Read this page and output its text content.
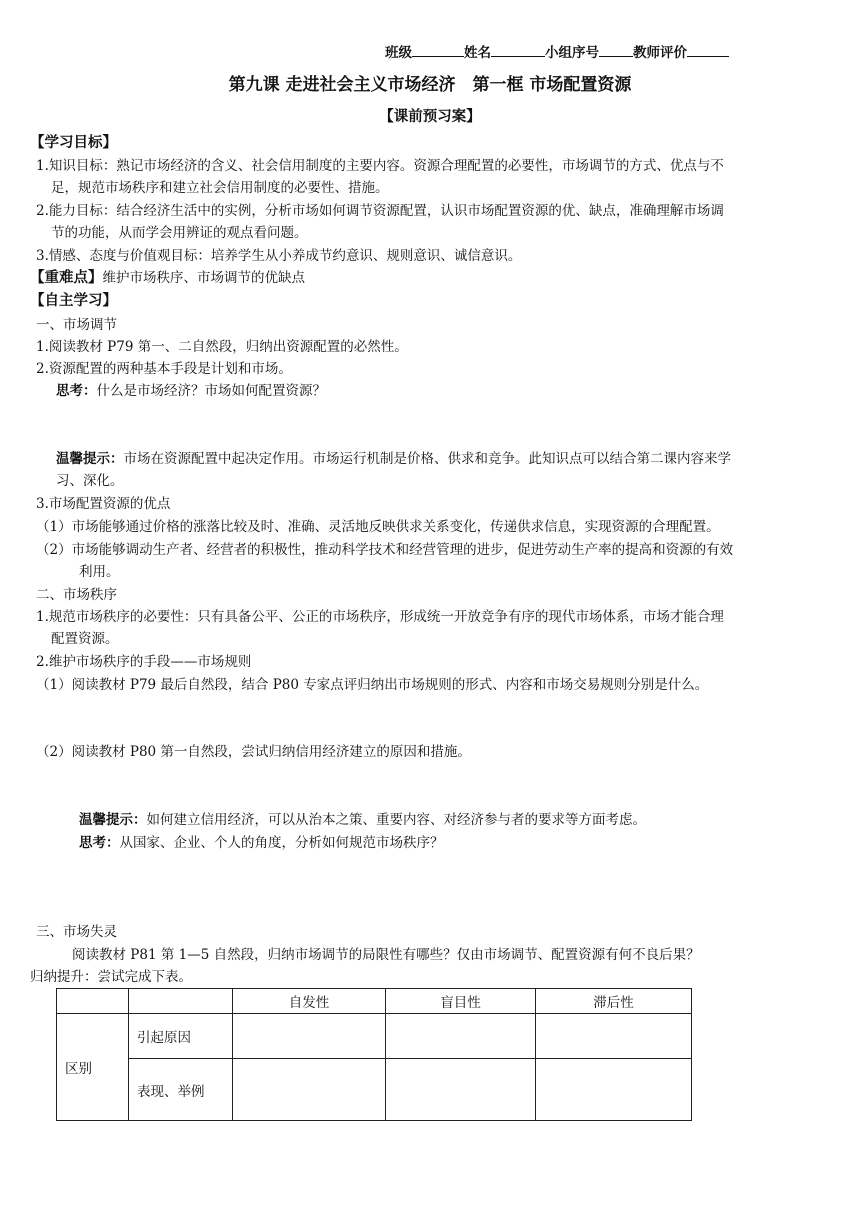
班级	姓名	小组序号	教师评价
第九课 走进社会主义市场经济　第一框 市场配置资源
【课前预习案】
【学习目标】
1.知识目标：熟记市场经济的含义、社会信用制度的主要内容。资源合理配置的必要性，市场调节的方式、优点与不
足，规范市场秩序和建立社会信用制度的必要性、措施。
2.能力目标：结合经济生活中的实例，分析市场如何调节资源配置，认识市场配置资源的优、缺点，准确理解市场调
节的功能，从而学会用辨证的观点看问题。
3.情感、态度与价值观目标：培养学生从小养成节约意识、规则意识、诚信意识。
【重难点】维护市场秩序、市场调节的优缺点
【自主学习】
一、市场调节
1.阅读教材 P79 第一、二自然段，归纳出资源配置的必然性。
2.资源配置的两种基本手段是计划和市场。
思考：什么是市场经济？市场如何配置资源？
温馨提示：市场在资源配置中起决定作用。市场运行机制是价格、供求和竞争。此知识点可以结合第二课内容来学
习、深化。
3.市场配置资源的优点
（1）市场能够通过价格的涨落比较及时、准确、灵活地反映供求关系变化，传递供求信息，实现资源的合理配置。
（2）市场能够调动生产者、经营者的积极性，推动科学技术和经营管理的进步，促进劳动生产率的提高和资源的有效
利用。
二、市场秩序
1.规范市场秩序的必要性：只有具备公平、公正的市场秩序，形成统一开放竞争有序的现代市场体系，市场才能合理
配置资源。
2.维护市场秩序的手段——市场规则
（1）阅读教材 P79 最后自然段，结合 P80 专家点评归纳出市场规则的形式、内容和市场交易规则分别是什么。
（2）阅读教材 P80 第一自然段，尝试归纳信用经济建立的原因和措施。
温馨提示：如何建立信用经济，可以从治本之策、重要内容、对经济参与者的要求等方面考虑。
思考：从国家、企业、个人的角度，分析如何规范市场秩序？
三、市场失灵
阅读教材 P81 第 1—5 自然段，归纳市场调节的局限性有哪些？仅由市场调节、配置资源有何不良后果？
归纳提升：尝试完成下表。
		自发性	盲目性	滞后性
区别	引起原因			
	表现、举例			
